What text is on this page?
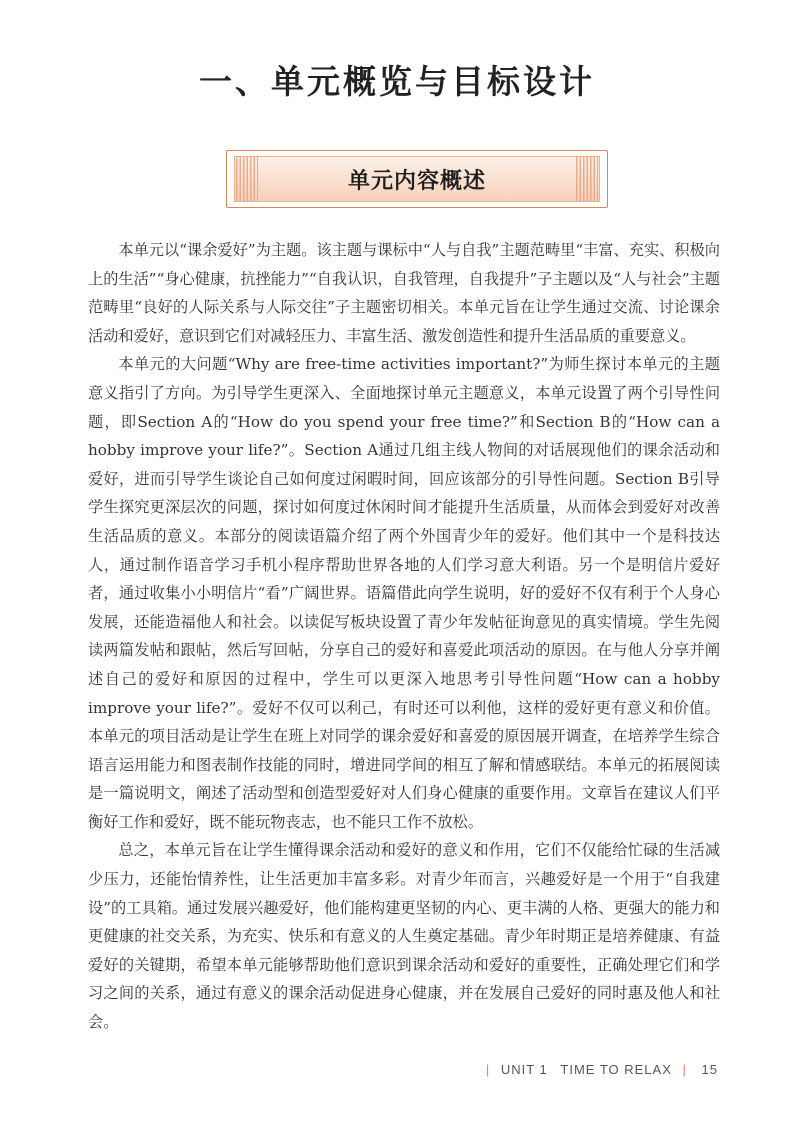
一、单元概览与目标设计
单元内容概述

本单元以“课余爱好”为主题。该主题与课标中“人与自我”主题范畴里“丰富、充实、积极向上的生活”“身心健康，抗挫能力”“自我认识，自我管理，自我提升”子主题以及“人与社会”主题范畴里“良好的人际关系与人际交往”子主题密切相关。本单元旨在让学生通过交流、讨论课余活动和爱好，意识到它们对减轻压力、丰富生活、激发创造性和提升生活品质的重要意义。

本单元的大问题“Why are free-time activities important?”为师生探讨本单元的主题意义指引了方向。为引导学生更深入、全面地探讨单元主题意义，本单元设置了两个引导性问题，即Section A的“How do you spend your free time?”和Section B的“How can a hobby improve your life?”。Section A通过几组主线人物间的对话展现他们的课余活动和爱好，进而引导学生谈论自己如何度过闲暇时间，回应该部分的引导性问题。Section B引导学生探究更深层次的问题，探讨如何度过休闲时间才能提升生活质量，从而体会到爱好对改善生活品质的意义。本部分的阅读语篇介绍了两个外国青少年的爱好。他们其中一个是科技达人，通过制作语音学习手机小程序帮助世界各地的人们学习意大利语。另一个是明信片爱好者，通过收集小小明信片“看”广阔世界。语篇借此向学生说明，好的爱好不仅有利于个人身心发展，还能造福他人和社会。以读促写板块设置了青少年发帖征询意见的真实情境。学生先阅读两篇发帖和跟帖，然后写回帖，分享自己的爱好和喜爱此项活动的原因。在与他人分享并阐述自己的爱好和原因的过程中，学生可以更深入地思考引导性问题“How can a hobby improve your life?”。爱好不仅可以利己，有时还可以利他，这样的爱好更有意义和价值。本单元的项目活动是让学生在班上对同学的课余爱好和喜爱的原因展开调查，在培养学生综合语言运用能力和图表制作技能的同时，增进同学间的相互了解和情感联结。本单元的拓展阅读是一篇说明文，阐述了活动型和创造型爱好对人们身心健康的重要作用。文章旨在建议人们平衡好工作和爱好，既不能玩物丧志，也不能只工作不放松。

总之，本单元旨在让学生懂得课余活动和爱好的意义和作用，它们不仅能给忙碌的生活减少压力，还能怡情养性，让生活更加丰富多彩。对青少年而言，兴趣爱好是一个用于“自我建设”的工具箱。通过发展兴趣爱好，他们能构建更坚韧的内心、更丰满的人格、更强大的能力和更健康的社交关系，为充实、快乐和有意义的人生奠定基础。青少年时期正是培养健康、有益爱好的关键期，希望本单元能够帮助他们意识到课余活动和爱好的重要性，正确处理它们和学习之间的关系，通过有意义的课余活动促进身心健康，并在发展自己爱好的同时惠及他人和社会。

| UNIT 1 TIME TO RELAX | 15
